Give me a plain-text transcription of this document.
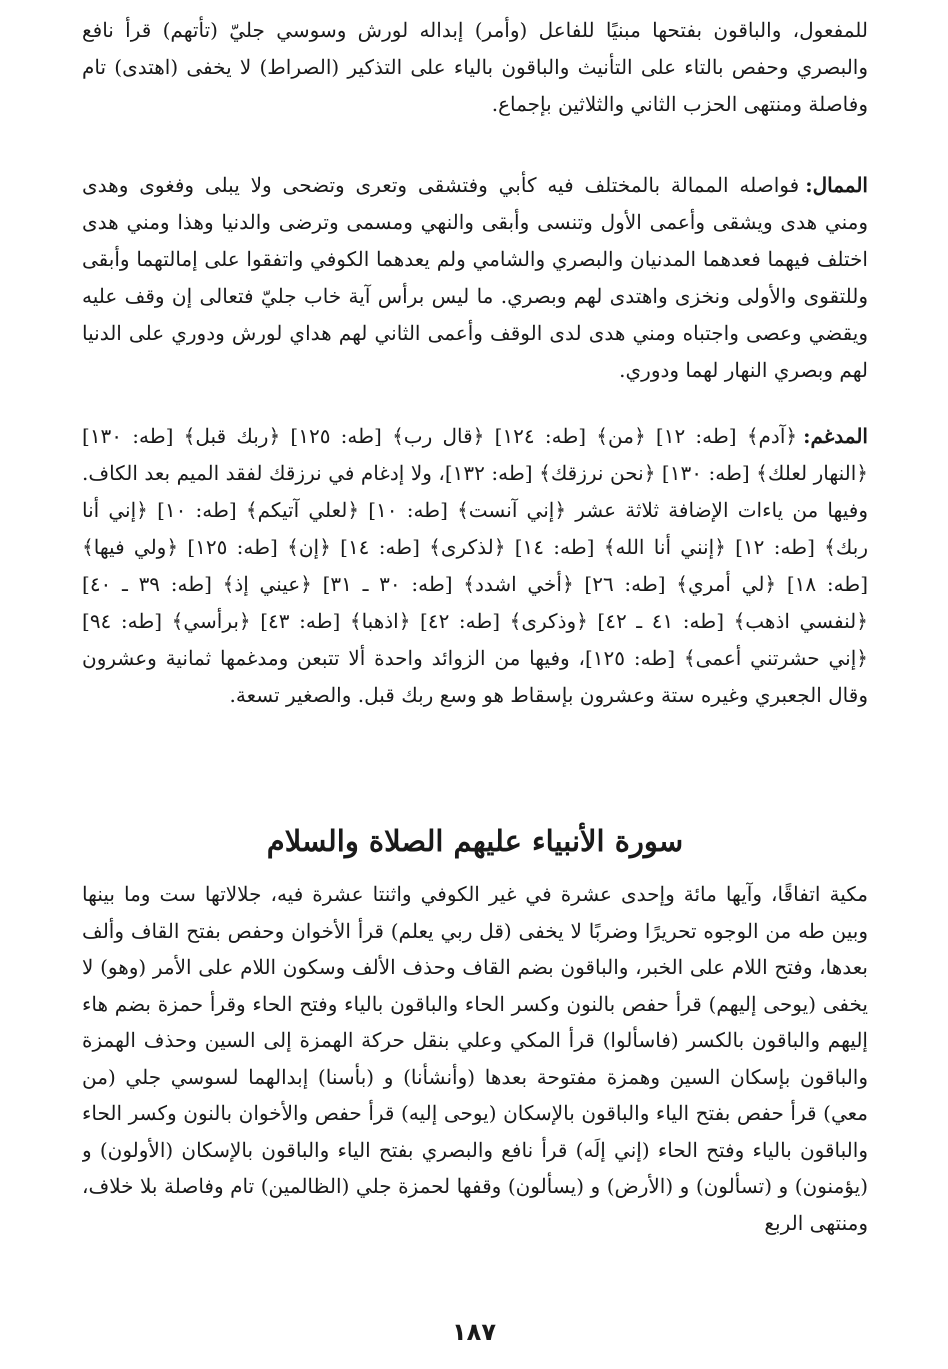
للمفعول، والباقون بفتحها مبنيًا للفاعل (وأمر) إبداله لورش وسوسي جليّ (تأتهم) قرأ نافع والبصري وحفص بالتاء على التأنيث والباقون بالياء على التذكير (الصراط) لا يخفى (اهتدى) تام وفاصلة ومنتهى الحزب الثاني والثلاثين بإجماع.

الممال:فواصله الممالة بالمختلف فيه كأبي وفتشقى وتعرى وتضحى ولا يبلى وفغوى وهدى ومني هدى ويشقى وأعمى الأول وتنسى وأبقى والنهي ومسمى وترضى والدنيا وهذا ومني هدى اختلف فيهما فعدهما المدنيان والبصري والشامي ولم يعدهما الكوفي واتفقوا على إمالتهما وأبقى وللتقوى والأولى ونخزى واهتدى لهم وبصري. ما ليس برأس آية خاب جليّ فتعالى إن وقف عليه ويقضي وعصى واجتباه ومني هدى لدى الوقف وأعمى الثاني لهم هداي لورش ودوري على الدنيا لهم وبصري النهار لهما ودوري.

المدغم:﴿آدم﴾ [طه: ١٢] ﴿من﴾ [طه: ١٢٤] ﴿قال رب﴾ [طه: ١٢٥] ﴿ربك قبل﴾ [طه: ١٣٠] ﴿النهار لعلك﴾ [طه: ١٣٠] ﴿نحن نرزقك﴾ [طه: ١٣٢]، ولا إدغام في نرزقك لفقد الميم بعد الكاف. وفيها من ياءات الإضافة ثلاثة عشر ﴿إني آنست﴾ [طه: ١٠] ﴿لعلي آتيكم﴾ [طه: ١٠] ﴿إني أنا ربك﴾ [طه: ١٢] ﴿إنني أنا الله﴾ [طه: ١٤] ﴿لذكرى﴾ [طه: ١٤] ﴿إن﴾ [طه: ١٢٥] ﴿ولي فيها﴾ [طه: ١٨] ﴿لي أمري﴾ [طه: ٢٦] ﴿أخي اشدد﴾ [طه: ٣٠ ـ ٣١] ﴿عيني إذ﴾ [طه: ٣٩ ـ ٤٠] ﴿لنفسي اذهب﴾ [طه: ٤١ ـ ٤٢] ﴿وذكرى﴾ [طه: ٤٢] ﴿اذهبا﴾ [طه: ٤٣] ﴿برأسي﴾ [طه: ٩٤] ﴿إني حشرتني أعمى﴾ [طه: ١٢٥]، وفيها من الزوائد واحدة ألا تتبعن ومدغمها ثمانية وعشرون وقال الجعبري وغيره ستة وعشرون بإسقاط هو وسع ربك قبل. والصغير تسعة.

سورة الأنبياء عليهم الصلاة والسلام

مكية اتفاقًا، وآيها مائة وإحدى عشرة في غير الكوفي واثنتا عشرة فيه، جلالاتها ست وما بينها وبين طه من الوجوه تحريرًا وضربًا لا يخفى (قل ربي يعلم) قرأ الأخوان وحفص بفتح القاف وألف بعدها، وفتح اللام على الخبر، والباقون بضم القاف وحذف الألف وسكون اللام على الأمر (وهو) لا يخفى (يوحى إليهم) قرأ حفص بالنون وكسر الحاء والباقون بالياء وفتح الحاء وقرأ حمزة بضم هاء إليهم والباقون بالكسر (فاسألوا) قرأ المكي وعلي بنقل حركة الهمزة إلى السين وحذف الهمزة والباقون بإسكان السين وهمزة مفتوحة بعدها (وأنشأنا) و (بأسنا) إبدالهما لسوسي جلي (من معي) قرأ حفص بفتح الياء والباقون بالإسكان (يوحى إليه) قرأ حفص والأخوان بالنون وكسر الحاء والباقون بالياء وفتح الحاء (إني إلَه) قرأ نافع والبصري بفتح الياء والباقون بالإسكان (الأولون) و (يؤمنون) و (تسألون) و (الأرض) و (يسألون) وقفها لحمزة جلي (الظالمين) تام وفاصلة بلا خلاف، ومنتهى الربع

١٨٧
